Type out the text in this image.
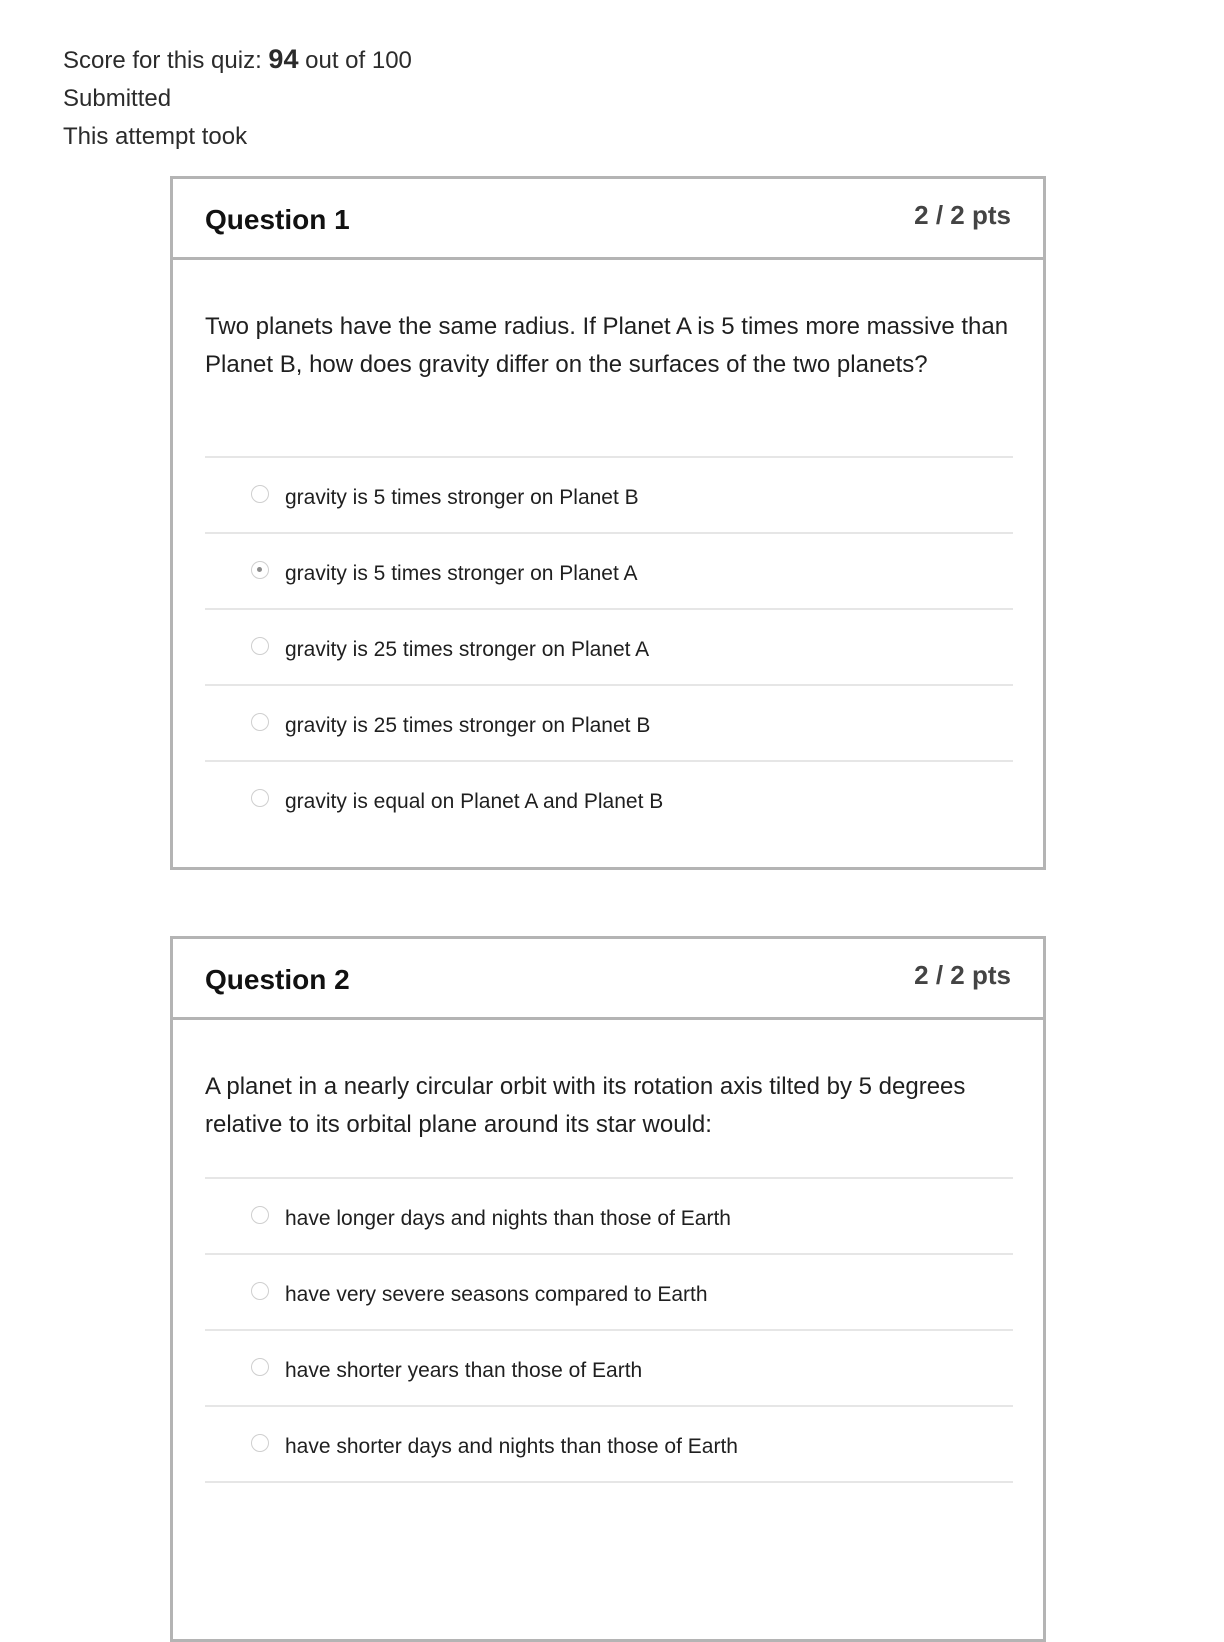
Score for this quiz: 94 out of 100
Submitted
This attempt took
Question 1	2 / 2 pts
Two planets have the same radius. If Planet A is 5 times more massive than Planet B, how does gravity differ on the surfaces of the two planets?
gravity is 5 times stronger on Planet B
gravity is 5 times stronger on Planet A
gravity is 25 times stronger on Planet A
gravity is 25 times stronger on Planet B
gravity is equal on Planet A and Planet B
Question 2	2 / 2 pts
A planet in a nearly circular orbit with its rotation axis tilted by 5 degrees relative to its orbital plane around its star would:
have longer days and nights than those of Earth
have very severe seasons compared to Earth
have shorter years than those of Earth
have shorter days and nights than those of Earth
